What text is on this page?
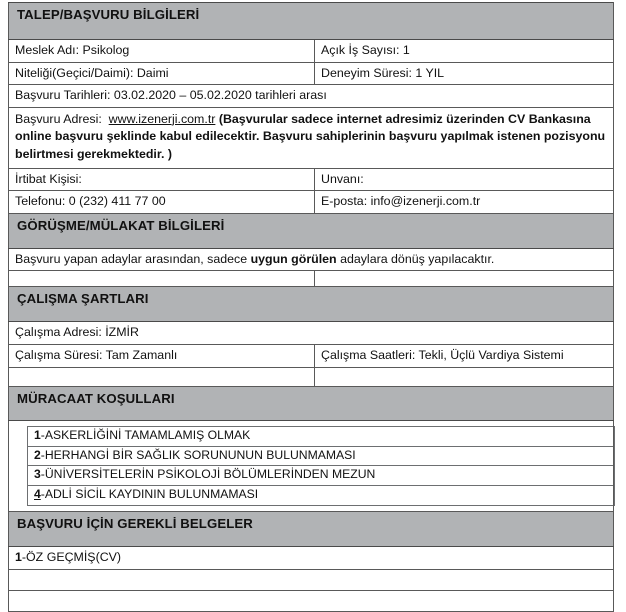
TALEP/BAŞVURU BİLGİLERİ
Meslek Adı: Psikolog	Açık İş Sayısı: 1
Niteliği(Geçici/Daimi): Daimi	Deneyim Süresi: 1 YIL
Başvuru Tarihleri: 03.02.2020 – 05.02.2020 tarihleri arası
Başvuru Adresi: www.izenerji.com.tr (Başvurular sadece internet adresimiz üzerinden CV Bankasına online başvuru şeklinde kabul edilecektir. Başvuru sahiplerinin başvuru yapılmak istenen pozisyonu belirtmesi gerekmektedir. )
İrtibat Kişisi:	Unvanı:
Telefonu: 0 (232) 411 77 00	E-posta: info@izenerji.com.tr
GÖRÜŞME/MÜLAKAT BİLGİLERİ
Başvuru yapan adaylar arasından, sadece uygun görülen adaylara dönüş yapılacaktır.

ÇALIŞMA ŞARTLARI
Çalışma Adresi: İZMİR
Çalışma Süresi: Tam Zamanlı	Çalışma Saatleri: Tekli, Üçlü Vardiya Sistemi

MÜRACAAT KOŞULLARI

1-ASKERLİĞİNİ TAMAMLAMIŞ OLMAK
2-HERHANGİ BİR SAĞLIK SORUNUNUN BULUNMAMASI
3-ÜNİVERSİTELERİN PSİKOLOJİ BÖLÜMLERİNDEN MEZUN
4-ADLİ SİCİL KAYDININ BULUNMAMASI

BAŞVURU İÇİN GEREKLİ BELGELER
1-ÖZ GEÇMİŞ(CV)
